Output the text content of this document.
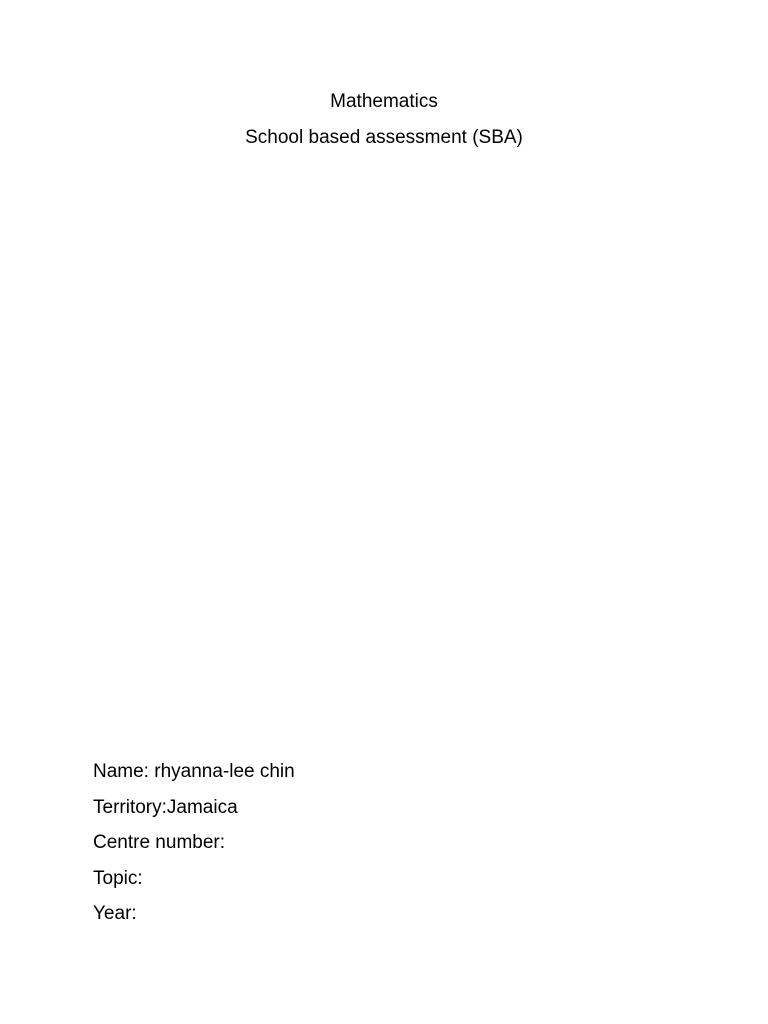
Mathematics
School based assessment (SBA)
Name: rhyanna-lee chin
Territory:Jamaica
Centre number:
Topic:
Year:
